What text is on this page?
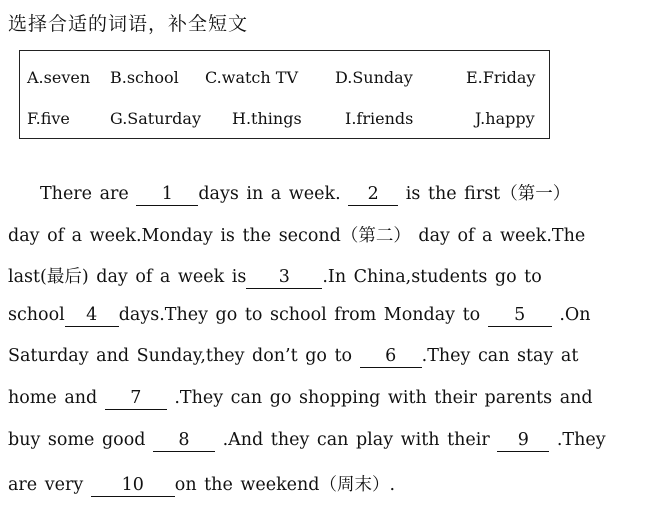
选择合适的词语，补全短文
A.seven B.school C.watch TV D.Sunday	E.Friday
F.five	G.Saturday H.things	I.friends	J.happy
There are 1 days in a week. 2 is the first（第一）
day of a week.Monday is the second（第二） day of a week.The
last(最后) day of a week is 3 .In China,students go to
school 4 days.They go to school from Monday to 5 .On
Saturday and Sunday,they don’t go to 6 .They can stay at
home and 7 .They can go shopping with their parents and
buy some good 8 .And they can play with their 9 .They
are very 10 on the weekend（周末）.
